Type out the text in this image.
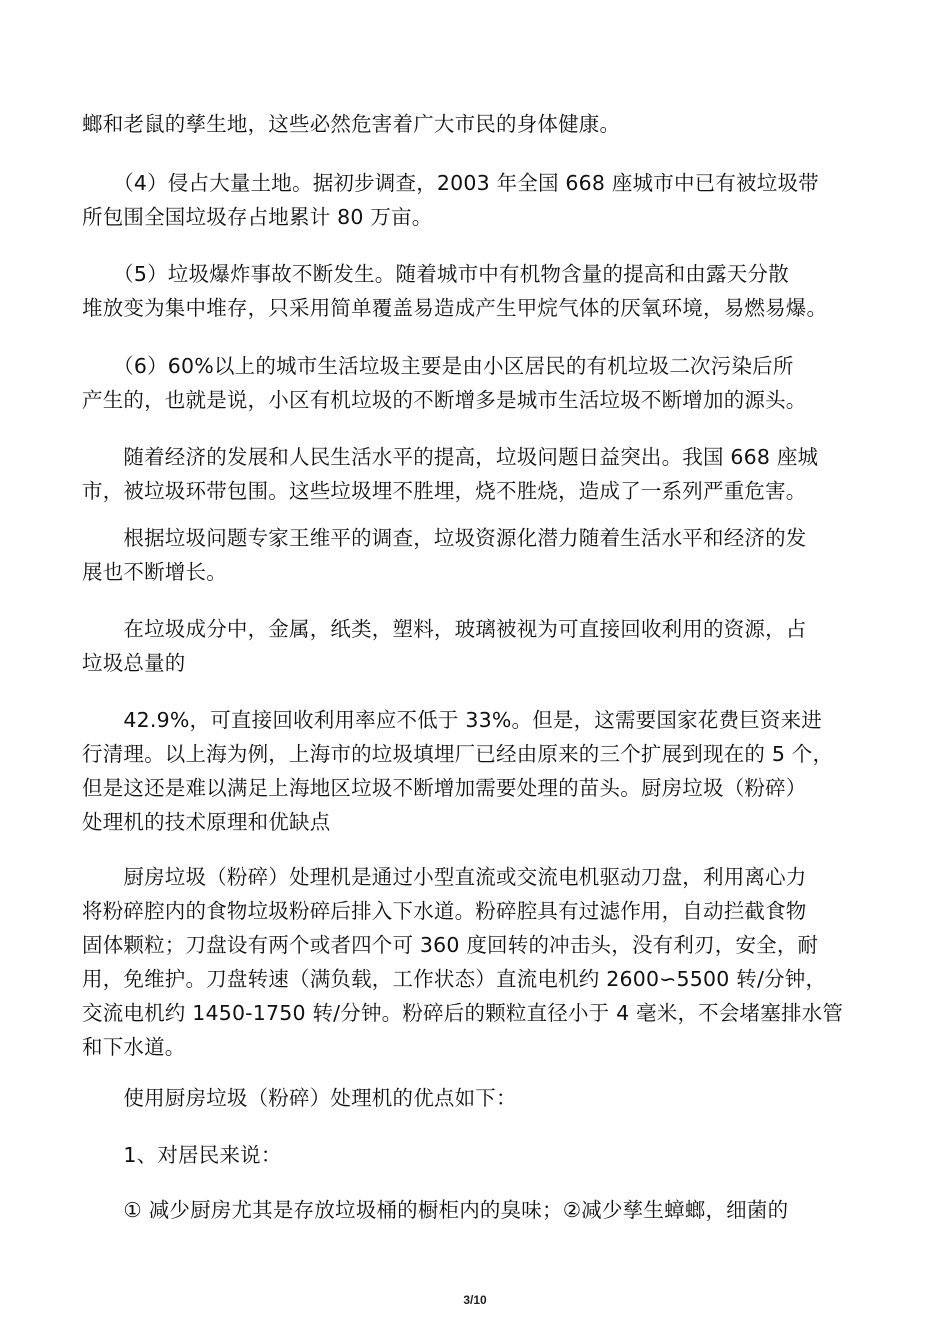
螂和老鼠的孳生地，这些必然危害着广大市民的身体健康。
　　（4）侵占大量土地。据初步调查，2003 年全国 668 座城市中已有被垃圾带
所包围全国垃圾存占地累计 80 万亩。
　　（5）垃圾爆炸事故不断发生。随着城市中有机物含量的提高和由露天分散
堆放变为集中堆存，只采用简单覆盖易造成产生甲烷气体的厌氧环境，易燃易爆。
　　（6）60%以上的城市生活垃圾主要是由小区居民的有机垃圾二次污染后所
产生的，也就是说，小区有机垃圾的不断增多是城市生活垃圾不断增加的源头。
　　随着经济的发展和人民生活水平的提高，垃圾问题日益突出。我国 668 座城
市，被垃圾环带包围。这些垃圾埋不胜埋，烧不胜烧，造成了一系列严重危害。
　　根据垃圾问题专家王维平的调查，垃圾资源化潜力随着生活水平和经济的发
展也不断增长。
　　在垃圾成分中，金属，纸类，塑料，玻璃被视为可直接回收利用的资源，占
垃圾总量的
　　42.9%，可直接回收利用率应不低于 33%。但是，这需要国家花费巨资来进
行清理。以上海为例，上海市的垃圾填埋厂已经由原来的三个扩展到现在的 5 个，
但是这还是难以满足上海地区垃圾不断增加需要处理的苗头。厨房垃圾（粉碎）
处理机的技术原理和优缺点
　　厨房垃圾（粉碎）处理机是通过小型直流或交流电机驱动刀盘，利用离心力
将粉碎腔内的食物垃圾粉碎后排入下水道。粉碎腔具有过滤作用，自动拦截食物
固体颗粒；刀盘设有两个或者四个可 360 度回转的冲击头，没有利刃，安全，耐
用，免维护。刀盘转速（满负载，工作状态）直流电机约 2600∽5500 转/分钟，
交流电机约 1450-1750 转/分钟。粉碎后的颗粒直径小于 4 毫米，不会堵塞排水管
和下水道。
　　使用厨房垃圾（粉碎）处理机的优点如下：
　　1、对居民来说：
　　① 减少厨房尤其是存放垃圾桶的橱柜内的臭味；②减少孳生蟑螂，细菌的
3/10
